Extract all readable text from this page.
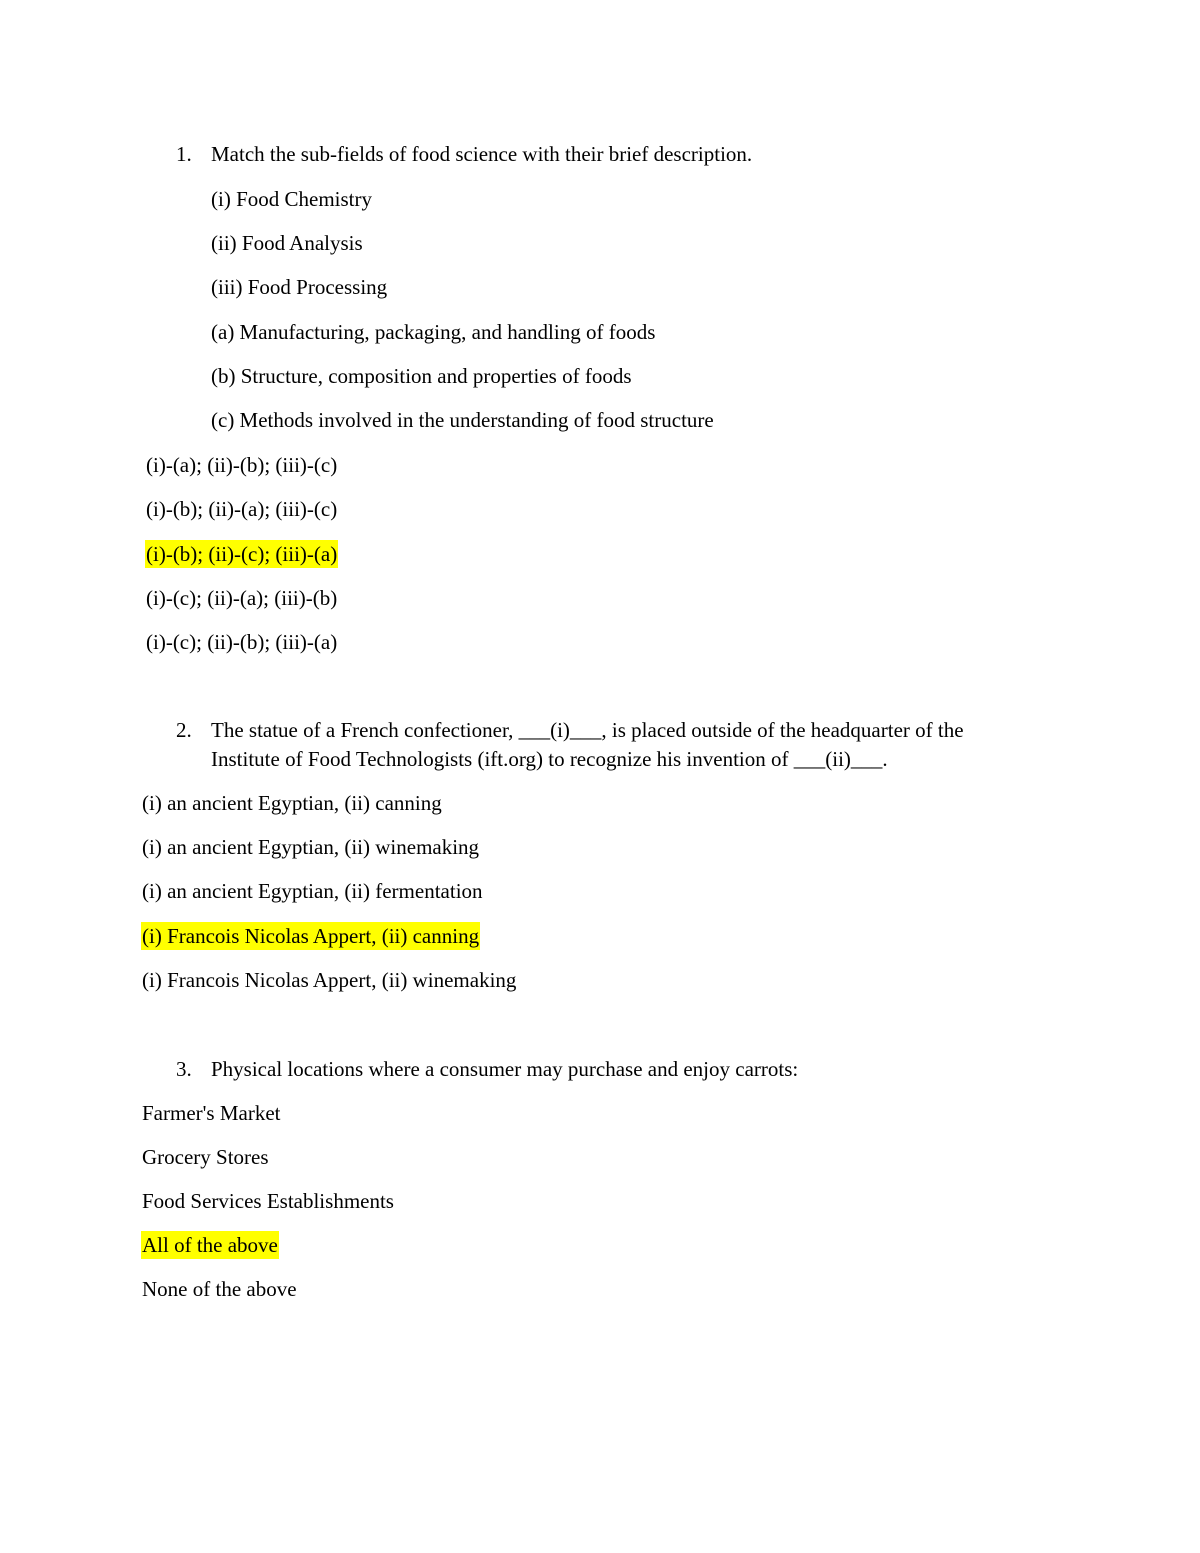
1. Match the sub-fields of food science with their brief description.
(i) Food Chemistry
(ii) Food Analysis
(iii) Food Processing
(a) Manufacturing, packaging, and handling of foods
(b) Structure, composition and properties of foods
(c) Methods involved in the understanding of food structure
(i)-(a); (ii)-(b); (iii)-(c)
(i)-(b); (ii)-(a); (iii)-(c)
(i)-(b); (ii)-(c); (iii)-(a)
(i)-(c); (ii)-(a); (iii)-(b)
(i)-(c); (ii)-(b); (iii)-(a)
2. The statue of a French confectioner, ___(i)___, is placed outside of the headquarter of the
Institute of Food Technologists (ift.org) to recognize his invention of ___(ii)___.
(i) an ancient Egyptian, (ii) canning
(i) an ancient Egyptian, (ii) winemaking
(i) an ancient Egyptian, (ii) fermentation
(i) Francois Nicolas Appert, (ii) canning
(i) Francois Nicolas Appert, (ii) winemaking
3. Physical locations where a consumer may purchase and enjoy carrots:
Farmer's Market
Grocery Stores
Food Services Establishments
All of the above
None of the above
